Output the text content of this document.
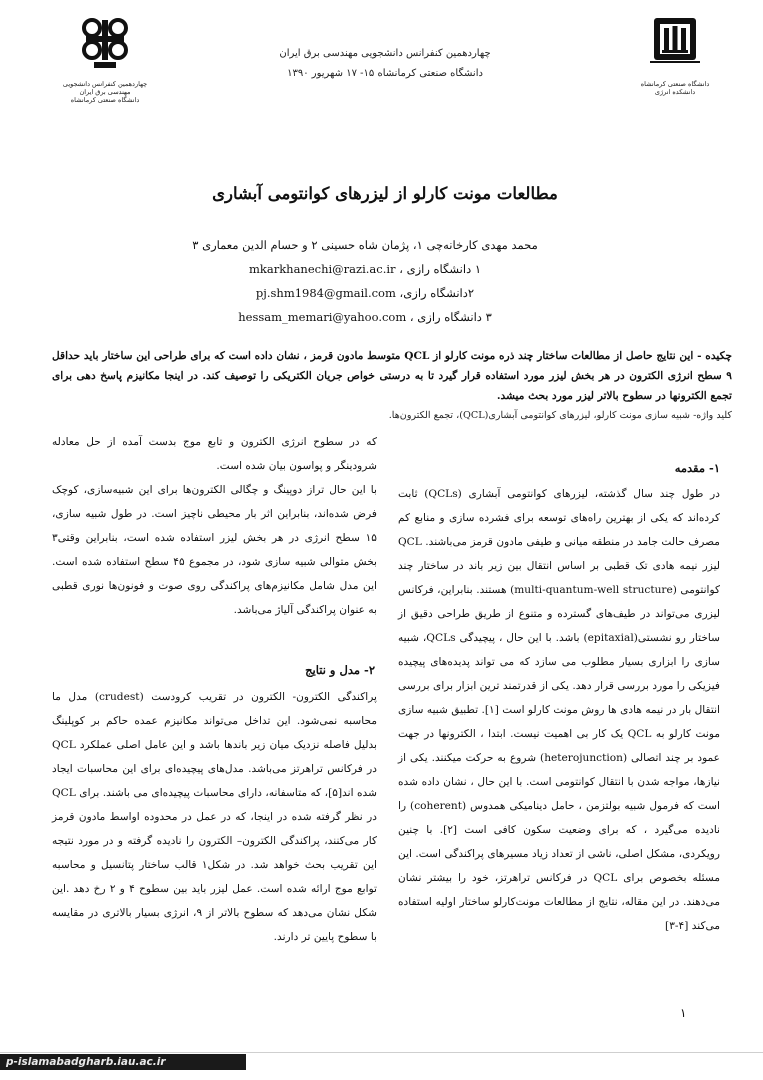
دانشگاه صنعتی کرمانشاه
دانشکده انرژی
چهاردهمین کنفرانس دانشجویی
مهندسی برق ایران
دانشگاه صنعتی کرمانشاه
چهاردهمین کنفرانس دانشجویی مهندسی برق ایران
دانشگاه صنعتی کرمانشاه ۱۵- ۱۷ شهریور ۱۳۹۰
مطالعات مونت کارلو از لیزرهای کوانتومی آبشاری
محمد مهدی کارخانه‌چی ۱، پژمان شاه حسینی ۲ و حسام الدین معماری ۳
۱ دانشگاه رازی ، mkarkhanechi@razi.ac.ir
۲دانشگاه رازی، pj.shm1984@gmail.com
۳ دانشگاه رازی ، hessam_memari@yahoo.com
چکیده - این نتایج حاصل از مطالعات ساختار چند ذره مونت کارلو از QCL متوسط مادون قرمز ، نشان داده است که برای طراحی این ساختار باید حداقل ۹ سطح انرژی الکترون در هر بخش لیزر مورد استفاده قرار گیرد تا به درستی خواص جریان الکتریکی را توصیف کند. در اینجا مکانیزم پاسخ دهی برای تجمع الکترونها در سطوح بالاتر لیزر مورد بحث میشد.
کلید واژه- شبیه سازی مونت کارلو، لیزرهای کوانتومی آبشاری(QCL)، تجمع الکترون‌ها.
۱- مقدمه

در طول چند سال گذشته، لیزرهای کوانتومی آبشاری (QCLs) ثابت کرده‌اند که یکی از بهترین راه‌های توسعه برای فشرده سازی و منابع کم مصرف حالت جامد در منطقه میانی و طیفی مادون قرمز می‌باشند. QCL لیزر نیمه هادی تک قطبی بر اساس انتقال بین زیر باند در ساختار چند کوانتومی (multi-quantum-well structure) هستند. بنابراین، فرکانس لیزری می‌تواند در طیف‌های گسترده و متنوع از طریق طراحی دقیق از ساختار رو نشستی(epitaxial) باشد. با این حال ، پیچیدگی QCLs، شبیه سازی را ابزاری بسیار مطلوب می سازد که می تواند پدیده‌های پیچیده فیزیکی را مورد بررسی قرار دهد. یکی از قدرتمند ترین ابزار برای بررسی انتقال بار در نیمه هادی ها روش مونت کارلو است [۱]. تطبیق شبیه سازی مونت کارلو به QCL یک کار بی اهمیت نیست. ابتدا ، الکترونها در جهت عمود بر چند اتصالی (heterojunction) شروع به حرکت میکنند. یکی از نیازها، مواجه شدن با انتقال کوانتومی است. با این حال ، نشان داده شده است که فرمول شبیه بولتزمن ، حامل دینامیکی همدوس (coherent) را نادیده می‌گیرد ، که برای وضعیت سکون کافی است [۲]. با چنین رویکردی، مشکل اصلی، ناشی از تعداد زیاد مسیرهای پراکندگی است. این مسئله بخصوص برای QCL در فرکانس تراهرتز، خود را بیشتر نشان می‌دهند. در این مقاله، نتایج از مطالعات مونت‌کارلو ساختار اولیه استفاده می‌کند [۴-۳]

که در سطوح انرژی الکترون و تابع موج بدست آمده از حل معادله شرودینگر و پواسون بیان شده است.

با این حال تراز دوپینگ و چگالی الکترون‌ها برای این شبیه‌سازی، کوچک فرض شده‌اند، بنابراین اثر بار محیطی ناچیز است. در طول شبیه سازی، ۱۵ سطح انرژی در هر بخش لیزر استفاده شده است، بنابراین وقتی۳ بخش متوالی شبیه سازی شود، در مجموع ۴۵ سطح استفاده شده است. این مدل شامل مکانیزم‌های پراکندگی روی صوت و فونون‌ها نوری قطبی به عنوان پراکندگی آلیاژ می‌باشد.

۲- مدل و نتایج

پراکندگی الکترون- الکترون در تقریب کرودست (crudest) مدل ما محاسبه نمی‌شود. این تداخل می‌تواند مکانیزم عمده حاکم بر کوپلینگ بدلیل فاصله نزدیک میان زیر باندها باشد و این عامل اصلی عملکرد QCL در فرکانس تراهرتز می‌باشد. مدل‌های پیچیده‌ای برای این محاسبات ایجاد شده اند[۵]، که متاسفانه، دارای محاسبات پیچیده‌ای می باشند. برای QCL در نظر گرفته شده در اینجا، که در عمل در محدوده اواسط مادون قرمز کار می‌کنند، پراکندگی الکترون– الکترون را نادیده گرفته و در مورد نتیجه این تقریب بحث خواهد شد. در شکل۱ قالب ساختار پتانسیل و محاسبه توابع موج ارائه شده است. عمل لیزر باید بین سطوح ۴ و ۲ رخ دهد .این شکل نشان می‌دهد که سطوح بالاتر از ۹، انرژی بسیار بالاتری در مقایسه با سطوح پایین تر دارند.

۱
p-islamabadgharb.iau.ac.ir
